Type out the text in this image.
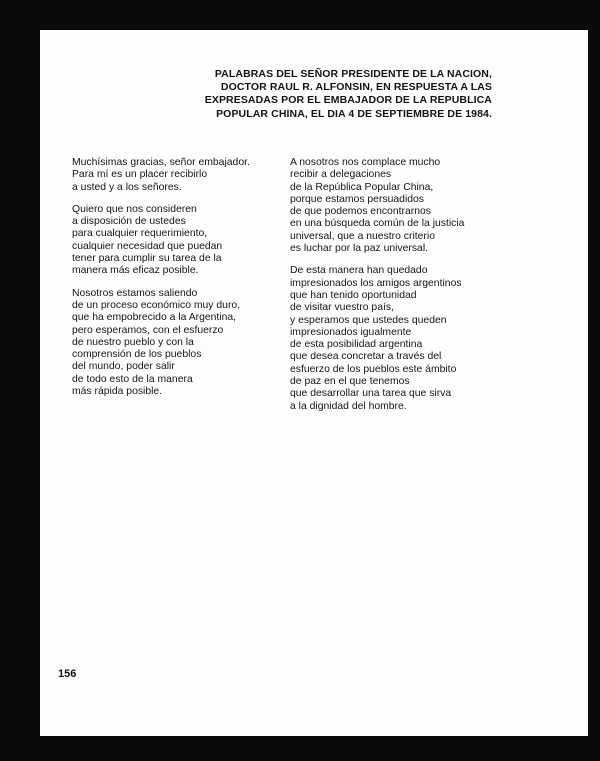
PALABRAS DEL SEÑOR PRESIDENTE DE LA NACION,
DOCTOR RAUL R. ALFONSIN, EN RESPUESTA A LAS
EXPRESADAS POR EL EMBAJADOR DE LA REPUBLICA
POPULAR CHINA, EL DIA 4 DE SEPTIEMBRE DE 1984.
Muchísimas gracias, señor embajador.
Para mí es un placer recibirlo
a usted y a los señores.
Quiero que nos consideren
a disposición de ustedes
para cualquier requerimiento,
cualquier necesidad que puedan
tener para cumplir su tarea de la
manera más eficaz posible.
Nosotros estamos saliendo
de un proceso económico muy duro,
que ha empobrecido a la Argentina,
pero esperamos, con el esfuerzo
de nuestro pueblo y con la
comprensión de los pueblos
del mundo, poder salir
de todo esto de la manera
más rápida posible.
A nosotros nos complace mucho
recibir a delegaciones
de la República Popular China,
porque estamos persuadidos
de que podemos encontrarnos
en una búsqueda común de la justicia
universal, que a nuestro criterio
es luchar por la paz universal.
De esta manera han quedado
impresionados los amigos argentinos
que han tenido oportunidad
de visitar vuestro país,
y esperamos que ustedes queden
impresionados igualmente
de esta posibilidad argentina
que desea concretar a través del
esfuerzo de los pueblos este ámbito
de paz en el que tenemos
que desarrollar una tarea que sirva
a la dignidad del hombre.
156
